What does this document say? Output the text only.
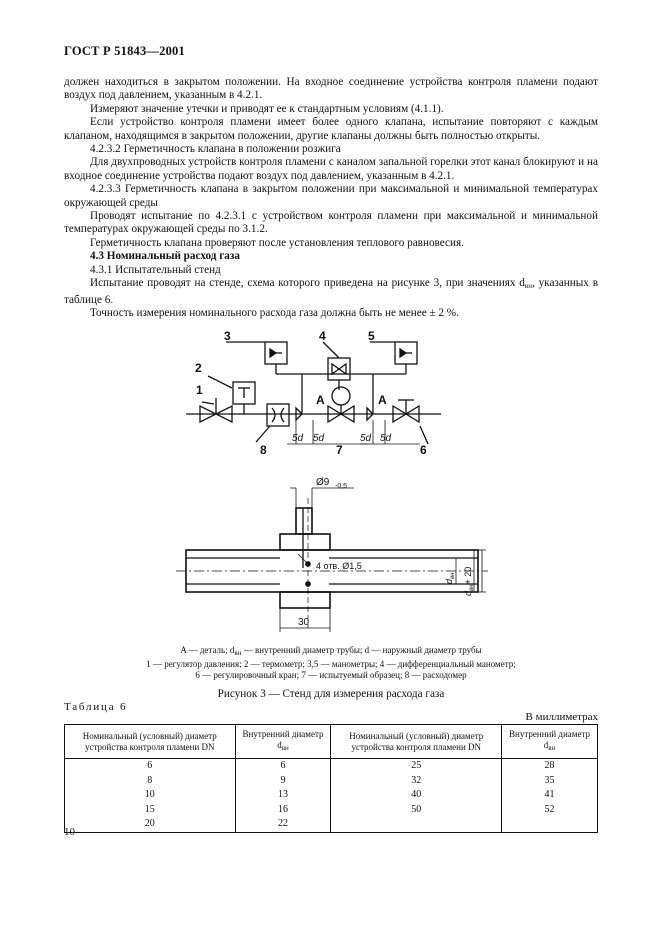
ГОСТ Р 51843—2001

должен находиться в закрытом положении. На входное соединение устройства контроля пламени подают воздух под давлением, указанным в 4.2.1.

Измеряют значение утечки и приводят ее к стандартным условиям (4.1.1).

Если устройство контроля пламени имеет более одного клапана, испытание повторяют с каждым клапаном, находящимся в закрытом положении, другие клапаны должны быть полностью открыты.

4.2.3.2 Герметичность клапана в положении розжига

Для двухпроводных устройств контроля пламени с каналом запальной горелки этот канал блокируют и на входное соединение устройства подают воздух под давлением, указанным в 4.2.1.

4.2.3.3 Герметичность клапана в закрытом положении при максимальной и минимальной температурах окружающей среды

Проводят испытание по 4.2.3.1 с устройством контроля пламени при максимальной и минимальной температурах окружающей среды по 3.1.2.

Герметичность клапана проверяют после установления теплового равновесия.

4.3 Номинальный расход газа

4.3.1 Испытательный стенд

Испытание проводят на стенде, схема которого приведена на рисунке 3, при значениях $d_{вн}$, указанных в таблице 6.

Точность измерения номинального расхода газа должна быть не менее ± 2 %.

1
2
3	4	5
6
7
8
A	A
5d 5d	5d 5d
Ø9 -0,5
4 отв. Ø1,5
30
$d_{вн}$
$d_{вн}+ 20$
A — деталь; $d_{вн}$ — внутренний диаметр трубы; d — наружный диаметр трубы
1 — регулятор давления; 2 — термометр; 3,5 — манометры; 4 — дифференциальный манометр;
6 — регулировочный кран; 7 — испытуемый образец; 8 — расходомер
Рисунок 3 — Стенд для измерения расхода газа
Таблица 6
В миллиметрах
Номинальный (условный) диаметр устройства контроля пламени DN	Внутренний диаметр $d_{вн}$	Номинальный (условный) диаметр устройства контроля пламени DN	Внутренний диаметр $d_{вн}$
6	6	25	28
8	9	32	35
10	13	40	41
15	16	50	52
20	22		
10
